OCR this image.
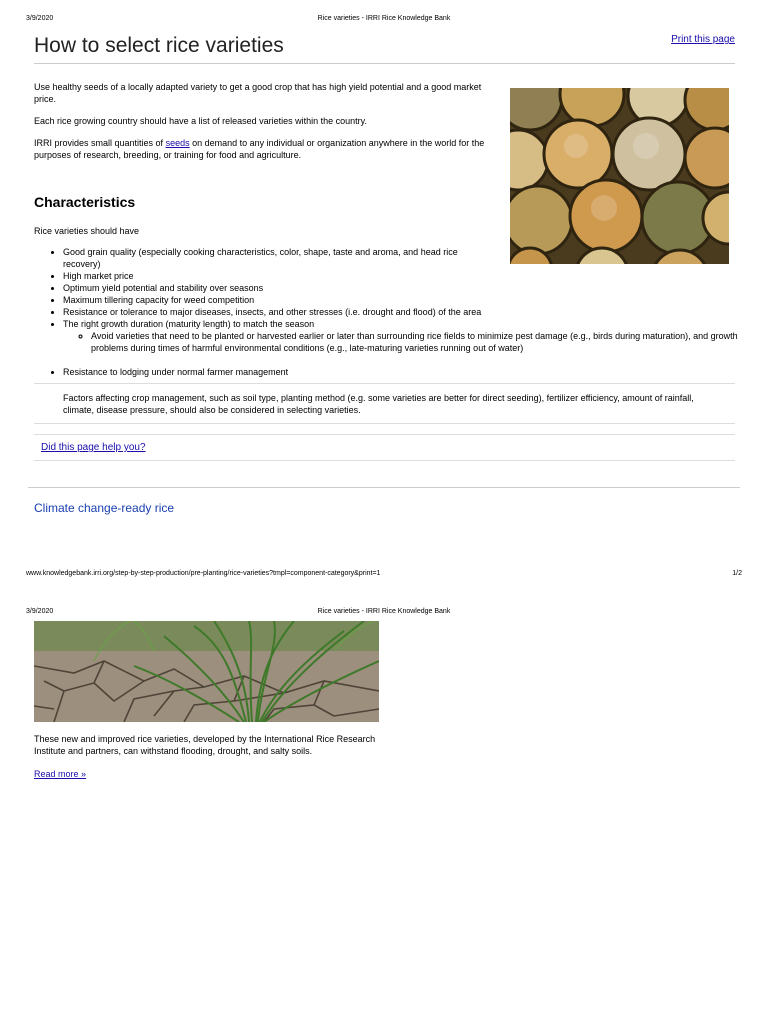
3/9/2020	Rice varieties - IRRI Rice Knowledge Bank
How to select rice varieties	Print this page

Use healthy seeds of a locally adapted variety to get a good crop that has high yield potential and a good market price.

Each rice growing country should have a list of released varieties within the country.

IRRI provides small quantities of seeds on demand to any individual or organization anywhere in the world for the purposes of research, breeding, or training for food and agriculture.

Characteristics

Rice varieties should have

• Good grain quality (especially cooking characteristics, color, shape, taste and aroma, and head rice recovery)
• High market price
• Optimum yield potential and stability over seasons
• Maximum tillering capacity for weed competition
• Resistance or tolerance to major diseases, insects, and other stresses (i.e. drought and flood) of the area
• The right growth duration (maturity length) to match the season
◦ Avoid varieties that need to be planted or harvested earlier or later than surrounding rice fields to minimize pest damage (e.g., birds during maturation), and growth problems during times of harmful environmental conditions (e.g., late-maturing varieties running out of water)
• Resistance to lodging under normal farmer management

Factors affecting crop management, such as soil type, planting method (e.g. some varieties are better for direct seeding), fertilizer efficiency, amount of rainfall, climate, disease pressure, should also be considered in selecting varieties.

Did this page help you?
Climate change-ready rice
www.knowledgebank.irri.org/step-by-step-production/pre-planting/rice-varieties?tmpl=component-category&print=1	1/2
3/9/2020	Rice varieties - IRRI Rice Knowledge Bank

These new and improved rice varieties, developed by the International Rice Research Institute and partners, can withstand flooding, drought, and salty soils.

Read more »
